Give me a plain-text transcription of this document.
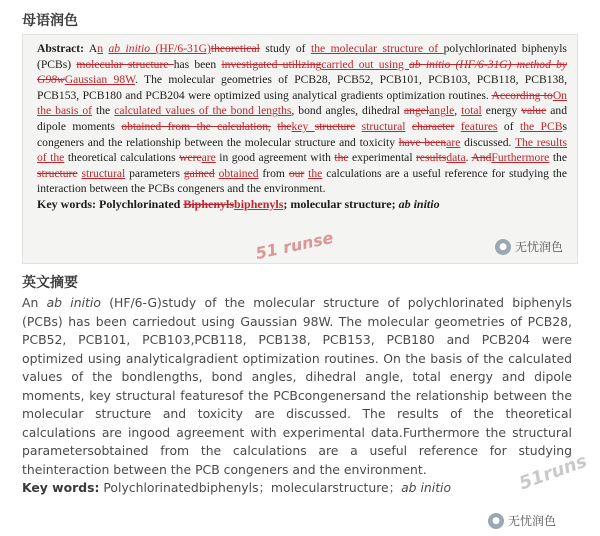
母语润色

Abstract: An ab initio (HF/6-31G)theoretical study of the molecular structure of polychlorinated biphenyls (PCBs) molecular structure has been investigated utilizingcarried out using ab initio (HF/6-31G) method by G98wGaussian 98W. The molecular geometries of PCB28, PCB52, PCB101, PCB103, PCB118, PCB138, PCB153, PCB180 and PCB204 were optimized using analytical gradients optimization routines. According toOn the basis of the calculated values of the bond lengths, bond angles, dihedral angelangle, total energy value and dipole moments obtained from the calculation, thekey structure structural character features of the PCBs congeners and the relationship between the molecular structure and toxicity have beenare discussed. The results of the theoretical calculations wereare in good agreement with the experimental resultsdata. AndFurthermore the structure structural parameters gained obtained from our the calculations are a useful reference for studying the interaction between the PCBs congeners and the environment.

Key words: Polychlorinated Biphenylsbiphenyls; molecular structure; ab initio

51 runse	● 无忧润色
英文摘要

An ab initio (HF/6-G)study of the molecular structure of polychlorinated biphenyls (PCBs) has been carriedout using Gaussian 98W. The molecular geometries of PCB28, PCB52, PCB101, PCB103,PCB118, PCB138, PCB153, PCB180 and PCB204 were optimized using analyticalgradient optimization routines. On the basis of the calculated values of the bondlengths, bond angles, dihedral angle, total energy and dipole moments, key structural featuresof the PCBcongenersand the relationship between the molecular structure and toxicity are discussed. The results of the theoretical calculations are ingood agreement with experimental data.Furthermore the structural parametersobtained from the calculations are a useful reference for studying theinteraction between the PCB congeners and the environment.

Key words: Polychlorinatedbiphenyls；molecularstructure；ab initio	51runs
● 无忧润色
